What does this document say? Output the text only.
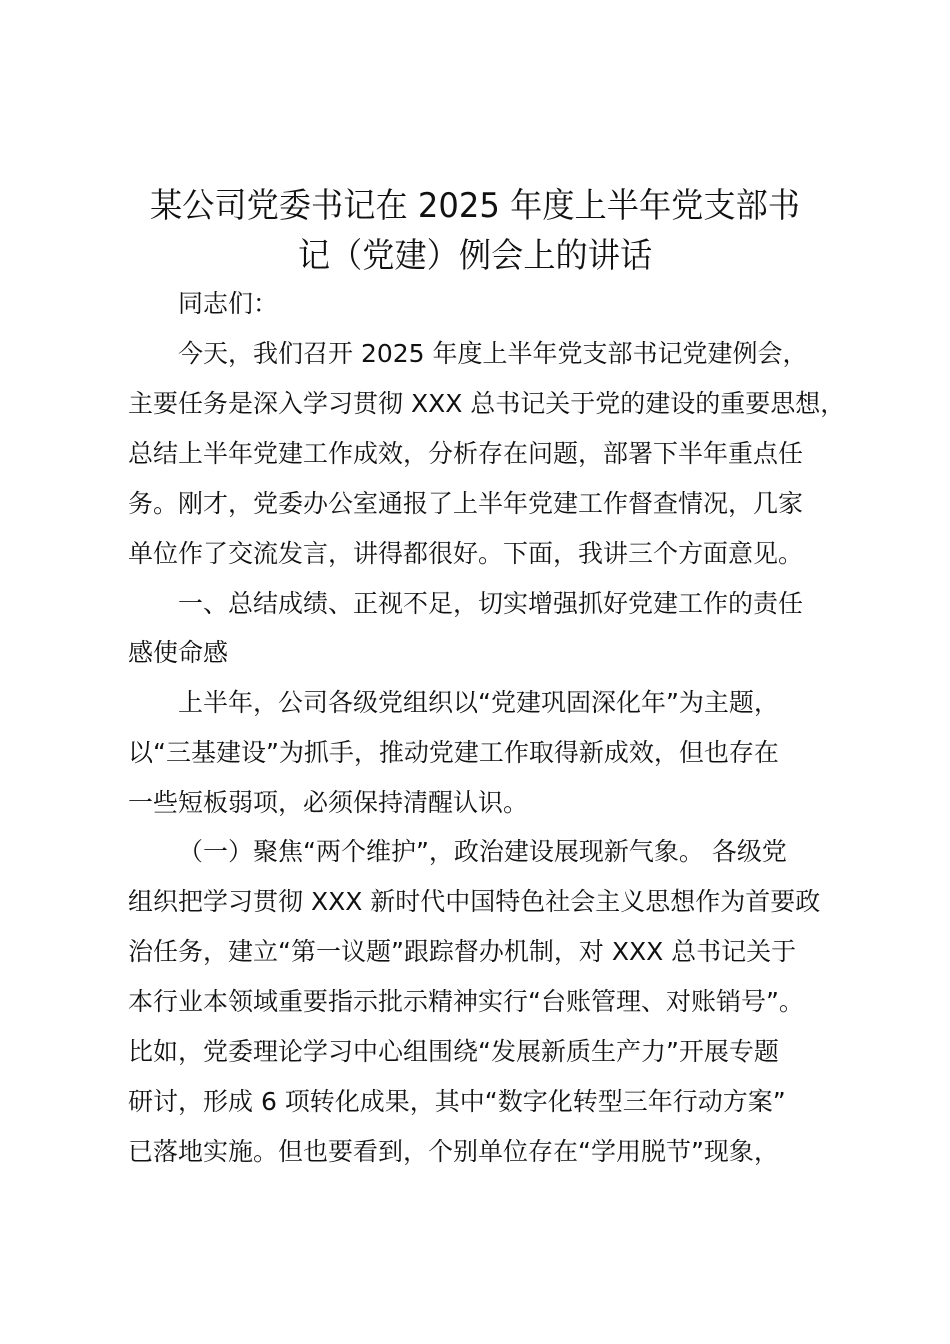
某公司党委书记在 2025 年度上半年党支部书
记（党建）例会上的讲话
同志们：
今天，我们召开 2025 年度上半年党支部书记党建例会，
主要任务是深入学习贯彻 XXX 总书记关于党的建设的重要思想，
总结上半年党建工作成效，分析存在问题，部署下半年重点任
务。刚才，党委办公室通报了上半年党建工作督查情况，几家
单位作了交流发言，讲得都很好。下面，我讲三个方面意见。
一、总结成绩、正视不足，切实增强抓好党建工作的责任
感使命感
上半年，公司各级党组织以“党建巩固深化年”为主题，
以“三基建设”为抓手，推动党建工作取得新成效，但也存在
一些短板弱项，必须保持清醒认识。
（一）聚焦“两个维护”，政治建设展现新气象。 各级党
组织把学习贯彻 XXX 新时代中国特色社会主义思想作为首要政
治任务，建立“第一议题”跟踪督办机制，对 XXX 总书记关于
本行业本领域重要指示批示精神实行“台账管理、对账销号”。
比如，党委理论学习中心组围绕“发展新质生产力”开展专题
研讨，形成 6 项转化成果，其中“数字化转型三年行动方案”
已落地实施。但也要看到，个别单位存在“学用脱节”现象，
